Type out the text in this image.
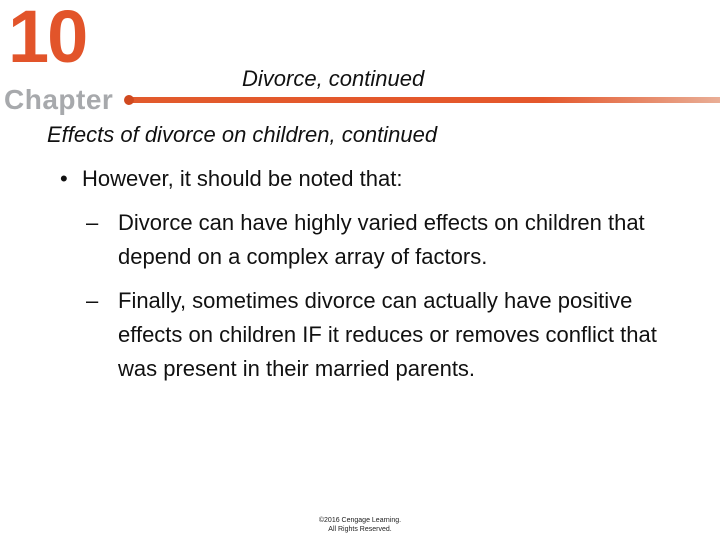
10
Chapter
Divorce, continued
Effects of divorce on children, continued
• However, it should be noted that:
– Divorce can have highly varied effects on children that depend on a complex array of factors.
– Finally, sometimes divorce can actually have positive effects on children IF it reduces or removes conflict that was present in their married parents.
©2016 Cengage Learning.
All Rights Reserved.
